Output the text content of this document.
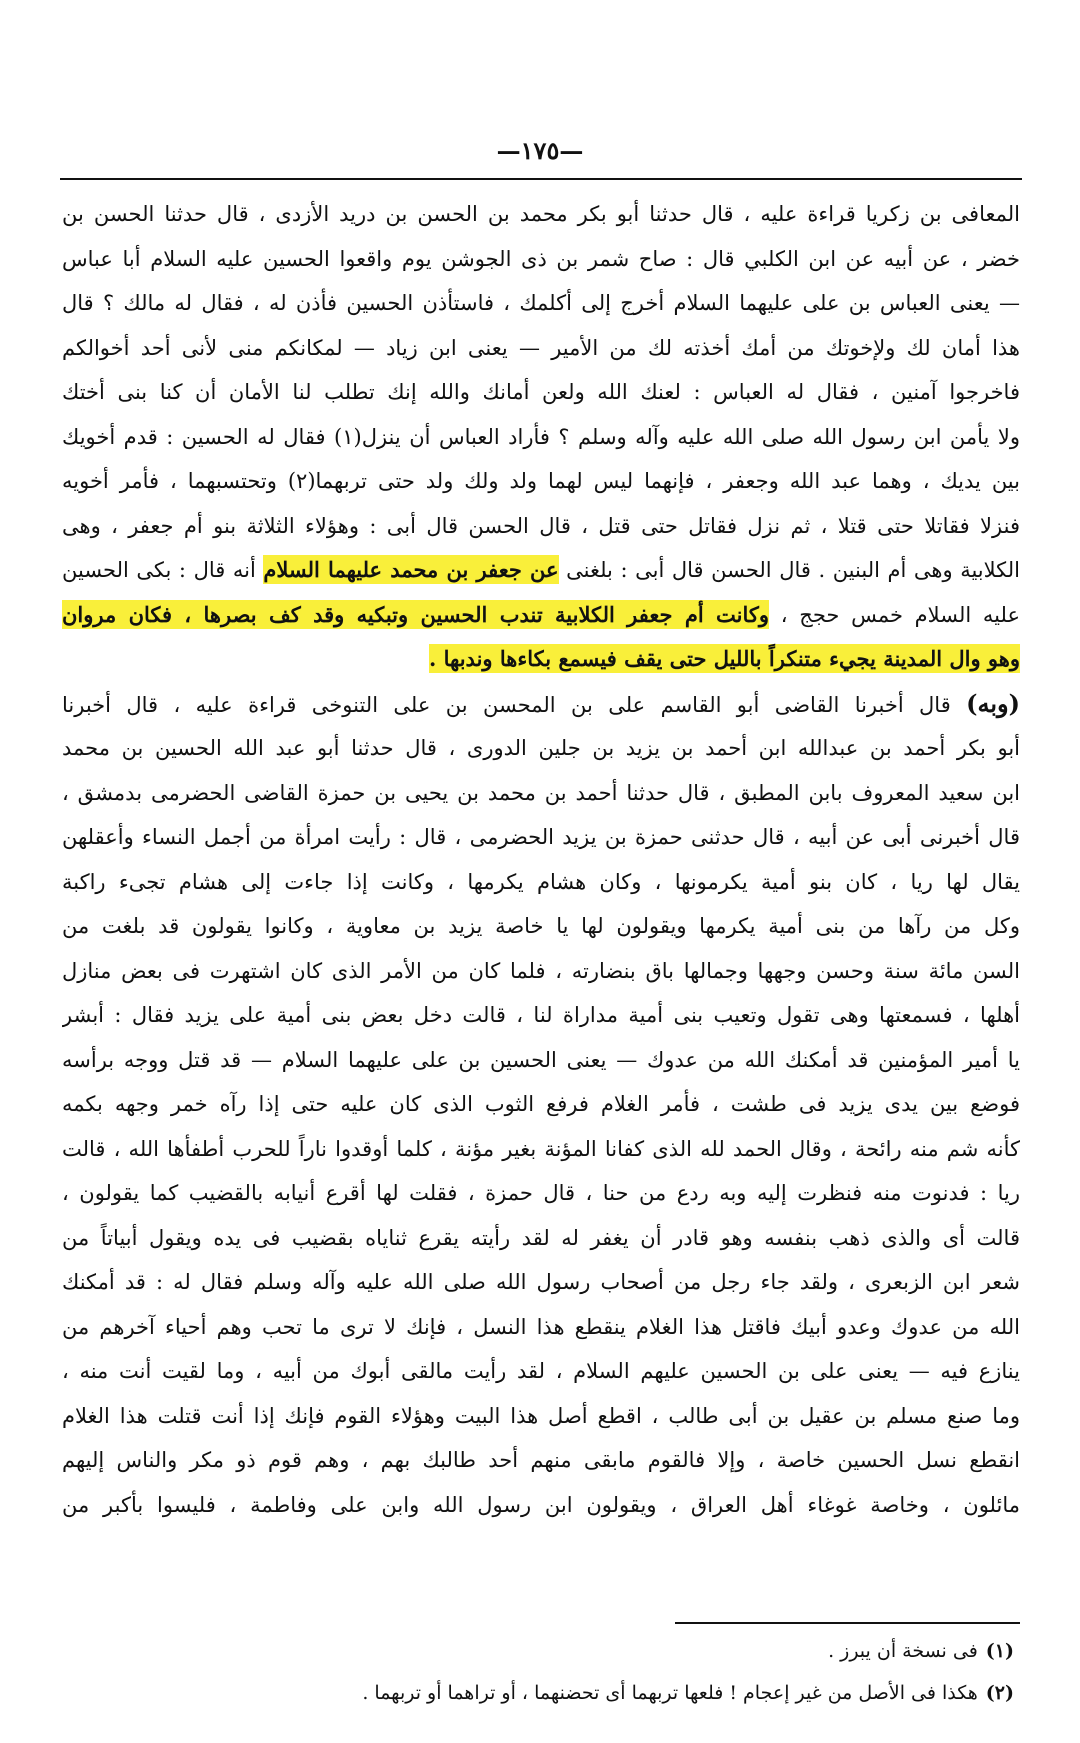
—١٧٥—
المعافى بن زكريا قراءة عليه ، قال حدثنا أبو بكر محمد بن الحسن بن دريد الأزدى ، قال حدثنا الحسن بن
خضر ، عن أبيه عن ابن الكلبي قال : صاح شمر بن ذى الجوشن يوم واقعوا الحسين عليه السلام أبا عباس
— يعنى العباس بن على عليهما السلام أخرج إلى أكلمك ، فاستأذن الحسين فأذن له ، فقال له مالك ؟ قال
هذا أمان لك ولإخوتك من أمك أخذته لك من الأمير — يعنى ابن زياد — لمكانكم منى لأنى أحد أخوالكم
فاخرجوا آمنين ، فقال له العباس : لعنك الله ولعن أمانك والله إنك تطلب لنا الأمان أن كنا بنى أختك
ولا يأمن ابن رسول الله صلى الله عليه وآله وسلم ؟ فأراد العباس أن ينزل(١) فقال له الحسين : قدم أخويك
بين يديك ، وهما عبد الله وجعفر ، فإنهما ليس لهما ولد ولك ولد حتى تربهما(٢) وتحتسبهما ، فأمر أخويه
فنزلا فقاتلا حتى قتلا ، ثم نزل فقاتل حتى قتل ، قال الحسن قال أبى : وهؤلاء الثلاثة بنو أم جعفر ، وهى
الكلابية وهى أم البنين . قال الحسن قال أبى : بلغنى عن جعفر بن محمد عليهما السلام أنه قال : بكى الحسين
عليه السلام خمس حجج ، وكانت أم جعفر الكلابية تندب الحسين وتبكيه وقد كف بصرها ، فكان مروان
وهو وال المدينة يجيء متنكراً بالليل حتى يقف فيسمع بكاءها وندبها .
(وبه) قال أخبرنا القاضى أبو القاسم على بن المحسن بن على التنوخى قراءة عليه ، قال أخبرنا
أبو بكر أحمد بن عبدالله ابن أحمد بن يزيد بن جلين الدورى ، قال حدثنا أبو عبد الله الحسين بن محمد
ابن سعيد المعروف بابن المطبق ، قال حدثنا أحمد بن محمد بن يحيى بن حمزة القاضى الحضرمى بدمشق ،
قال أخبرنى أبى عن أبيه ، قال حدثنى حمزة بن يزيد الحضرمى ، قال : رأيت امرأة من أجمل النساء وأعقلهن
يقال لها ريا ، كان بنو أمية يكرمونها ، وكان هشام يكرمها ، وكانت إذا جاءت إلى هشام تجىء راكبة
وكل من رآها من بنى أمية يكرمها ويقولون لها يا خاصة يزيد بن معاوية ، وكانوا يقولون قد بلغت من
السن مائة سنة وحسن وجهها وجمالها باق بنضارته ، فلما كان من الأمر الذى كان اشتهرت فى بعض منازل
أهلها ، فسمعتها وهى تقول وتعيب بنى أمية مداراة لنا ، قالت دخل بعض بنى أمية على يزيد فقال : أبشر
يا أمير المؤمنين قد أمكنك الله من عدوك — يعنى الحسين بن على عليهما السلام — قد قتل ووجه برأسه
فوضع بين يدى يزيد فى طشت ، فأمر الغلام فرفع الثوب الذى كان عليه حتى إذا رآه خمر وجهه بكمه
كأنه شم منه رائحة ، وقال الحمد لله الذى كفانا المؤنة بغير مؤنة ، كلما أوقدوا ناراً للحرب أطفأها الله ، قالت
ريا : فدنوت منه فنظرت إليه وبه ردع من حنا ، قال حمزة ، فقلت لها أقرع أنيابه بالقضيب كما يقولون ،
قالت أى والذى ذهب بنفسه وهو قادر أن يغفر له لقد رأيته يقرع ثناياه بقضيب فى يده ويقول أبياتاً من
شعر ابن الزبعرى ، ولقد جاء رجل من أصحاب رسول الله صلى الله عليه وآله وسلم فقال له : قد أمكنك
الله من عدوك وعدو أبيك فاقتل هذا الغلام ينقطع هذا النسل ، فإنك لا ترى ما تحب وهم أحياء آخرهم من
ينازع فيه — يعنى على بن الحسين عليهم السلام ، لقد رأيت مالقى أبوك من أبيه ، وما لقيت أنت منه ،
وما صنع مسلم بن عقيل بن أبى طالب ، اقطع أصل هذا البيت وهؤلاء القوم فإنك إذا أنت قتلت هذا الغلام
انقطع نسل الحسين خاصة ، وإلا فالقوم مابقى منهم أحد طالبك بهم ، وهم قوم ذو مكر والناس إليهم
مائلون ، وخاصة غوغاء أهل العراق ، ويقولون ابن رسول الله وابن على وفاطمة ، فليسوا بأكبر من
(١)فى نسخة أن يبرز .
(٢)هكذا فى الأصل من غير إعجام ! فلعها تربهما أى تحضنهما ، أو تراهما أو تربهما .
